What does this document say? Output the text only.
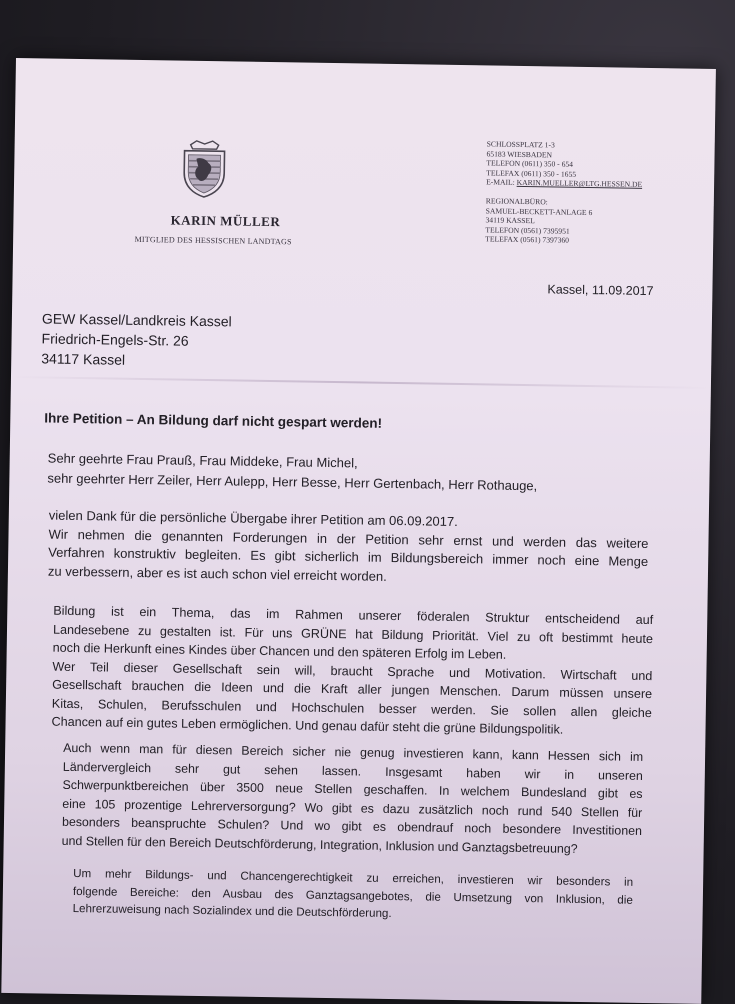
KARIN MÜLLER
MITGLIED DES HESSISCHEN LANDTAGS
SCHLOSSPLATZ 1-3
65183 WIESBADEN
TELEFON (0611) 350 - 654
TELEFAX (0611) 350 - 1655
E-MAIL: KARIN.MUELLER@LTG.HESSEN.DE
REGIONALBÜRO:
SAMUEL-BECKETT-ANLAGE 6
34119 KASSEL
TELEFON (0561) 7395951
TELEFAX (0561) 7397360
Kassel, 11.09.2017
GEW Kassel/Landkreis Kassel
Friedrich-Engels-Str. 26
34117 Kassel
Ihre Petition – An Bildung darf nicht gespart werden!
Sehr geehrte Frau Prauß, Frau Middeke, Frau Michel,
sehr geehrter Herr Zeiler, Herr Aulepp, Herr Besse, Herr Gertenbach, Herr Rothauge,
vielen Dank für die persönliche Übergabe ihrer Petition am 06.09.2017.
Wir nehmen die genannten Forderungen in der Petition sehr ernst und werden das weitere
Verfahren konstruktiv begleiten. Es gibt sicherlich im Bildungsbereich immer noch eine Menge
zu verbessern, aber es ist auch schon viel erreicht worden.
Bildung ist ein Thema, das im Rahmen unserer föderalen Struktur entscheidend auf
Landesebene zu gestalten ist. Für uns GRÜNE hat Bildung Priorität. Viel zu oft bestimmt heute
noch die Herkunft eines Kindes über Chancen und den späteren Erfolg im Leben.
Wer Teil dieser Gesellschaft sein will, braucht Sprache und Motivation. Wirtschaft und
Gesellschaft brauchen die Ideen und die Kraft aller jungen Menschen. Darum müssen unsere
Kitas, Schulen, Berufsschulen und Hochschulen besser werden. Sie sollen allen gleiche
Chancen auf ein gutes Leben ermöglichen. Und genau dafür steht die grüne Bildungspolitik.
Auch wenn man für diesen Bereich sicher nie genug investieren kann, kann Hessen sich im
Ländervergleich sehr gut sehen lassen. Insgesamt haben wir in unseren
Schwerpunktbereichen über 3500 neue Stellen geschaffen. In welchem Bundesland gibt es
eine 105 prozentige Lehrerversorgung? Wo gibt es dazu zusätzlich noch rund 540 Stellen für
besonders beanspruchte Schulen? Und wo gibt es obendrauf noch besondere Investitionen
und Stellen für den Bereich Deutschförderung, Integration, Inklusion und Ganztagsbetreuung?
Um mehr Bildungs- und Chancengerechtigkeit zu erreichen, investieren wir besonders in
folgende Bereiche: den Ausbau des Ganztagsangebotes, die Umsetzung von Inklusion, die
Lehrerzuweisung nach Sozialindex und die Deutschförderung.
